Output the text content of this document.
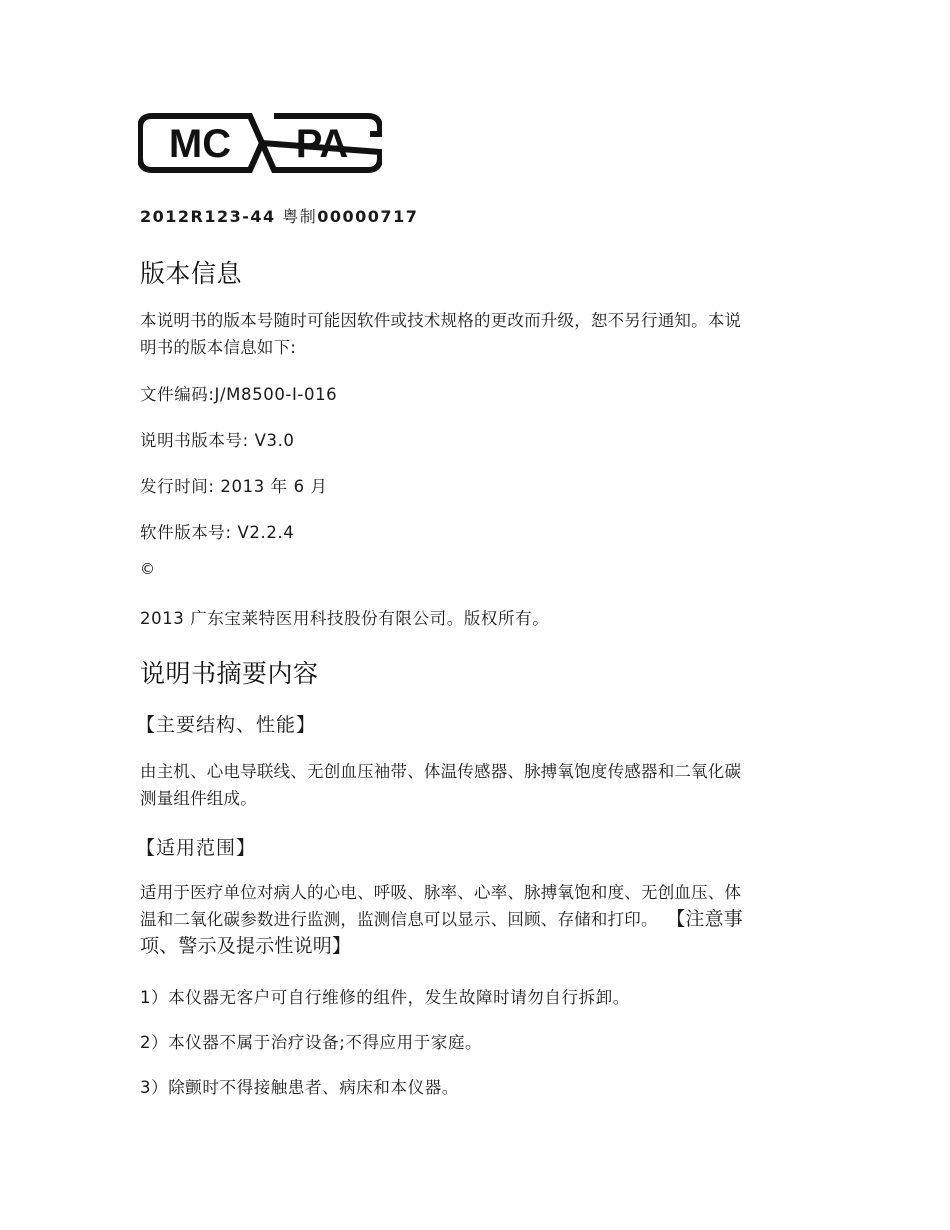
MC PA
2012R123-44 粤制00000717
版本信息
本说明书的版本号随时可能因软件或技术规格的更改而升级，恕不另行通知。本说
明书的版本信息如下:
文件编码:J/M8500-I-016
说明书版本号: V3.0
发行时间: 2013 年 6 月
软件版本号: V2.2.4
©
2013 广东宝莱特医用科技股份有限公司。版权所有。
说明书摘要内容
【主要结构、性能】
由主机、心电导联线、无创血压袖带、体温传感器、脉搏氧饱度传感器和二氧化碳
测量组件组成。
【适用范围】
适用于医疗单位对病人的心电、呼吸、脉率、心率、脉搏氧饱和度、无创血压、体
温和二氧化碳参数进行监测，监测信息可以显示、回顾、存储和打印。 【注意事
项、警示及提示性说明】
1）本仪器无客户可自行维修的组件，发生故障时请勿自行拆卸。
2）本仪器不属于治疗设备;不得应用于家庭。
3）除颤时不得接触患者、病床和本仪器。
